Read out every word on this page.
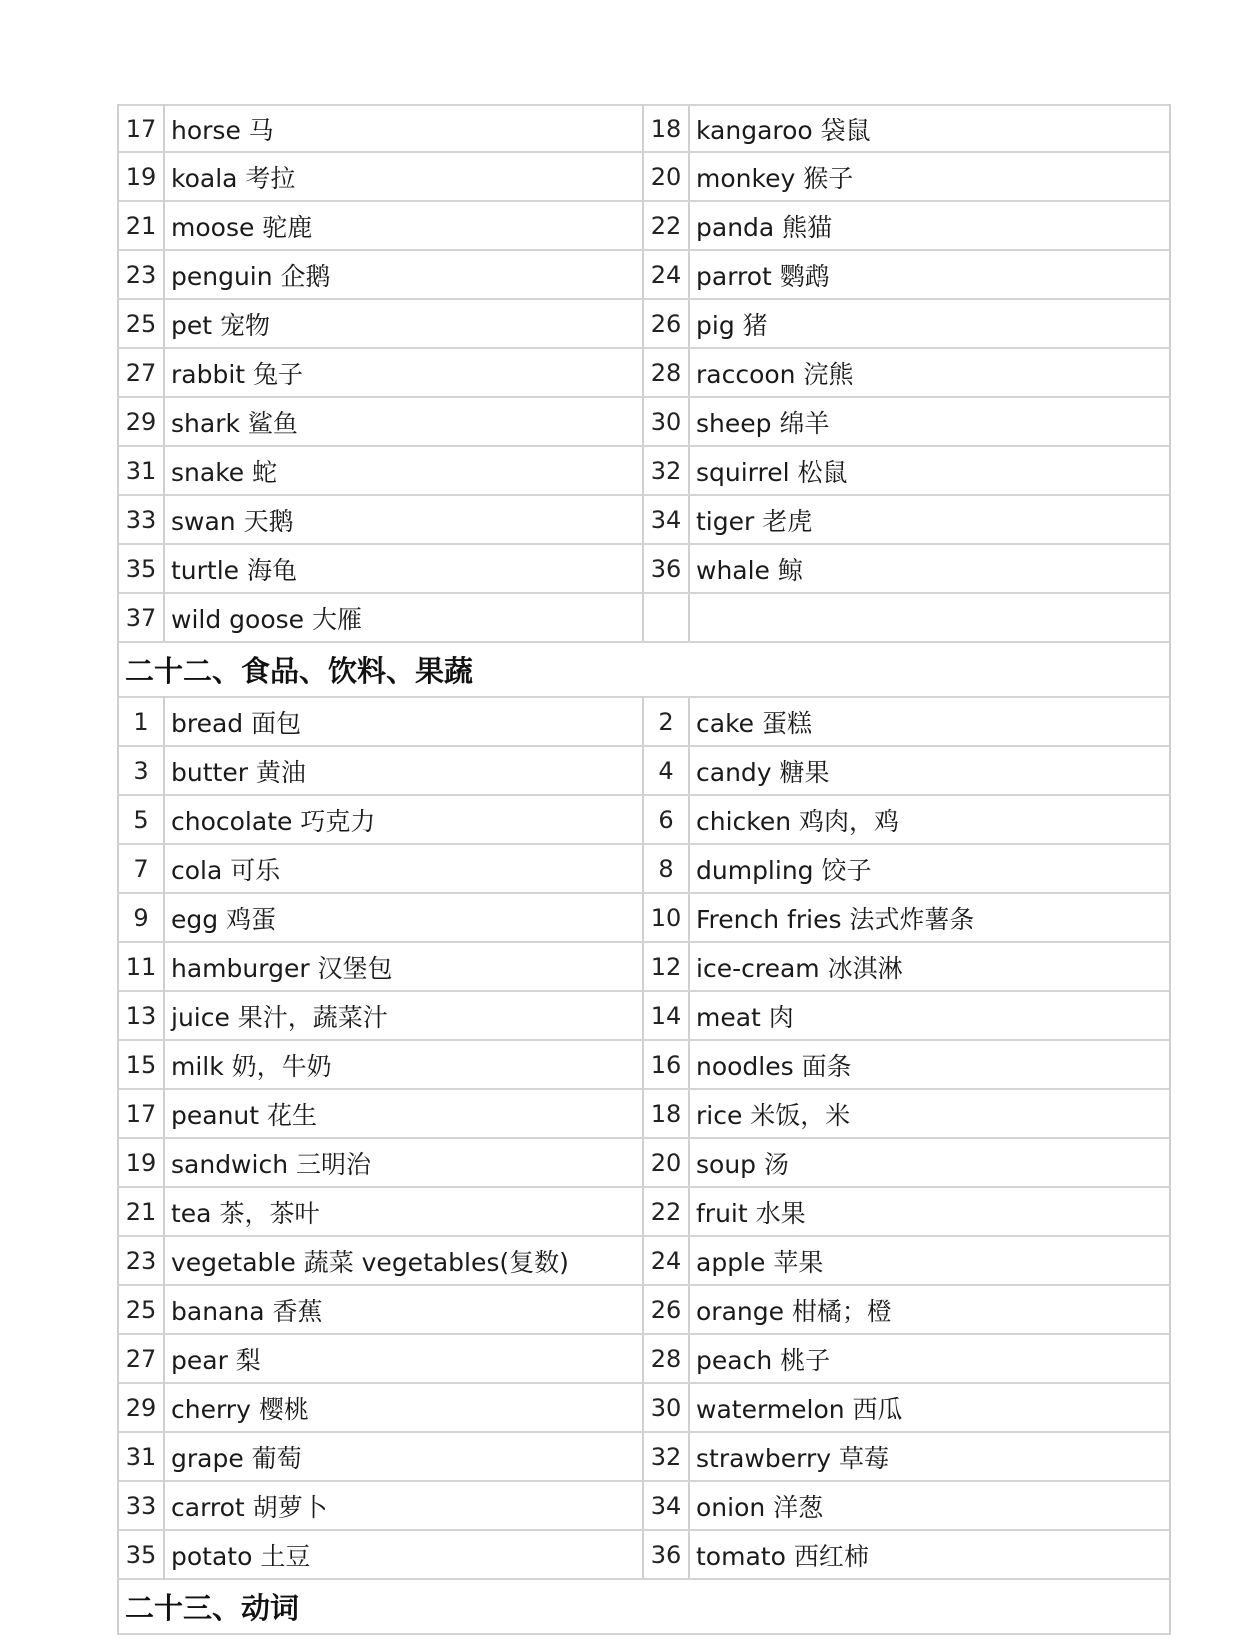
17 horse 马	18 kangaroo 袋鼠
19 koala 考拉	20 monkey 猴子
21 moose 驼鹿	22 panda 熊猫
23 penguin 企鹅	24 parrot 鹦鹉
25 pet 宠物	26 pig 猪
27 rabbit 兔子	28 raccoon 浣熊
29 shark 鲨鱼	30 sheep 绵羊
31 snake 蛇	32 squirrel 松鼠
33 swan 天鹅	34 tiger 老虎
35 turtle 海龟	36 whale 鲸
37 wild goose 大雁
二十二、食品、饮料、果蔬
1 bread 面包	2 cake 蛋糕
3 butter 黄油	4 candy 糖果
5 chocolate 巧克力	6 chicken 鸡肉，鸡
7 cola 可乐	8 dumpling 饺子
9 egg 鸡蛋	10 French fries 法式炸薯条
11 hamburger 汉堡包	12 ice-cream 冰淇淋
13 juice 果汁，蔬菜汁	14 meat 肉
15 milk 奶，牛奶	16 noodles 面条
17 peanut 花生	18 rice 米饭，米
19 sandwich 三明治	20 soup 汤
21 tea 茶，茶叶	22 fruit 水果
23 vegetable 蔬菜 vegetables(复数)	24 apple 苹果
25 banana 香蕉	26 orange 柑橘；橙
27 pear 梨	28 peach 桃子
29 cherry 樱桃	30 watermelon 西瓜
31 grape 葡萄	32 strawberry 草莓
33 carrot 胡萝卜	34 onion 洋葱
35 potato 土豆	36 tomato 西红柿
二十三、动词
